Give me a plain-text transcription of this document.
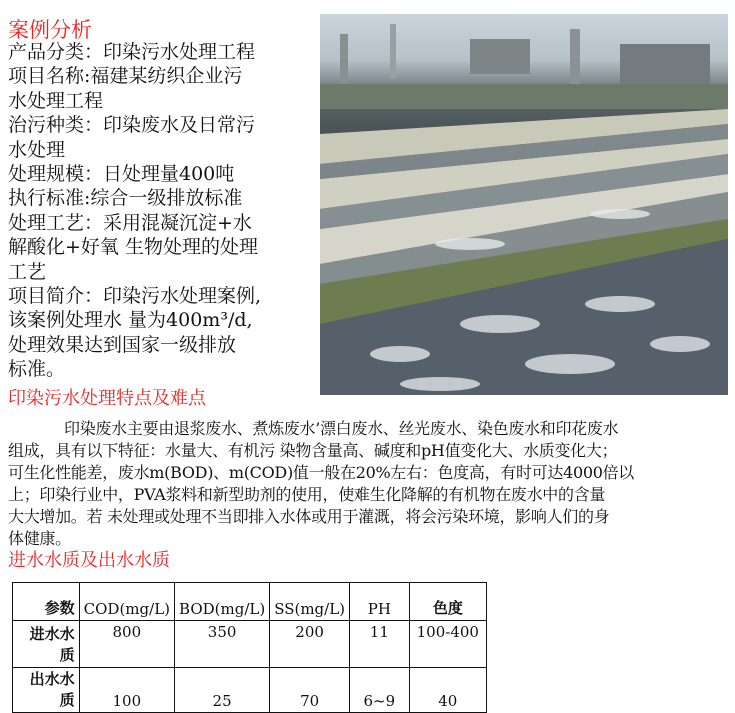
案例分析
产品分类：印染污水处理工程
项目名称:福建某纺织企业污
水处理工程
治污种类：印染废水及日常污
水处理
处理规模：日处理量400吨
执行标准:综合一级排放标准
处理工艺：采用混凝沉淀+水
解酸化+好氧 生物处理的处理
工艺
项目简介：印染污水处理案例,
该案例处理水 量为400m³/d,
处理效果达到国家一级排放
标准。
印染污水处理特点及难点
印染废水主要由退浆废水、煮炼废水’漂白废水、丝光废水、染色废水和印花废水
组成，具有以下特征：水量大、有机污 染物含量高、碱度和pH值变化大、水质变化大；
可生化性能差，废水m(BOD)、m(COD)值一般在20%左右：色度高，有时可达4000倍以
上；印染行业中，PVA浆料和新型助剂的使用，使难生化降解的有机物在废水中的含量
大大增加。若 未处理或处理不当即排入水体或用于灌溉，将会污染环境，影响人们的身
体健康。
进水水质及出水水质
参数	COD(mg/L)	BOD(mg/L)	SS(mg/L)	PH	色度
进水水质	800	350	200	11	100-400
出水水质	100	25	70	6~9	40
